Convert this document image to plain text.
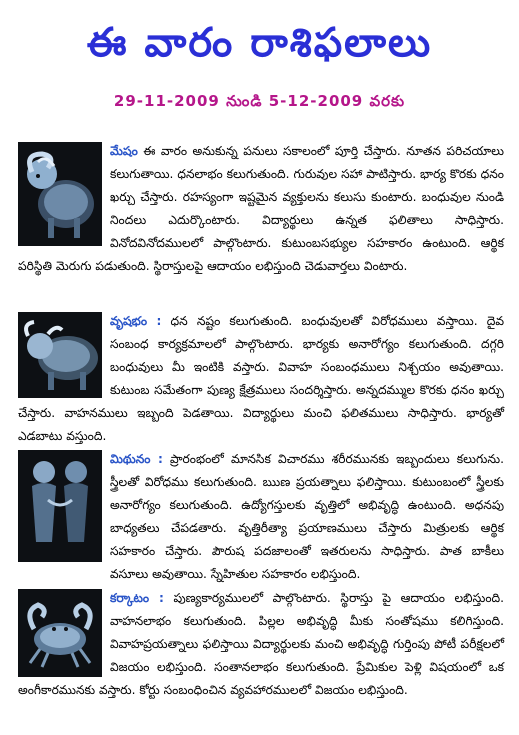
ఈ వారం రాశిఫలాలు
29-11-2009 నుండి 5-12-2009 వరకు
మేషం ఈ వారం అనుకున్న పనులు సకాలంలో పూర్తి చేస్తారు. నూతన పరిచయాలు కలుగుతాయి. ధనలాభం కలుగుతుంది. గురువుల సహా పాటిస్తారు. భార్య కొరకు ధనం ఖర్చు చేస్తారు. రహస్యంగా ఇష్టమైన వ్యక్తులను కలుసు కుంటారు. బంధువుల నుండి నిందలు ఎదుర్కొంటారు. విద్యార్థులు ఉన్నత ఫలితాలు సాధిస్తారు. వినోదవినోదములలో పాల్గొంటారు. కుటుంబసభ్యుల సహకారం ఉంటుంది. ఆర్థిక పరిస్థితి మెరుగు పడుతుంది. స్థిరాస్తులపై ఆదాయం లభిస్తుంది చెడువార్తలు వింటారు.
వృషభం : ధన నష్టం కలుగుతుంది. బంధువులతో విరోధములు వస్తాయి. దైవ సంబంధ కార్యక్రమాలలో పాల్గొంటారు. భార్యకు అనారోగ్యం కలుగుతుంది. దగ్గరి బంధువులు మీ ఇంటికి వస్తారు. వివాహ సంబంధములు నిశ్చయం అవుతాయి. కుటుంబ సమేతంగా పుణ్య క్షేత్రములు సందర్శిస్తారు. అన్నదమ్ముల కొరకు ధనం ఖర్చు చేస్తారు. వాహనములు ఇబ్బంది పెడతాయి. విద్యార్థులు మంచి ఫలితములు సాధిస్తారు. భార్యతో ఎడబాటు వస్తుంది.
మిథునం : ప్రారంభంలో మానసిక విచారము శరీరమునకు ఇబ్బందులు కలుగును. స్త్రీలతో విరోధము కలుగుతుంది. ఋణ ప్రయత్నాలు ఫలిస్తాయి. కుటుంబంలో స్త్రీలకు అనారోగ్యం కలుగుతుంది. ఉద్యోగస్తులకు వృత్తిలో అభివృద్ధి ఉంటుంది. అధనపు బాధ్యతలు చేపడతారు. వృత్తిరీత్యా ప్రయాణములు చేస్తారు మిత్రులకు ఆర్థిక సహకారం చేస్తారు. పౌరుష పదజాలంతో ఇతరులను సాధిస్తారు. పాత బాకీలు వసూలు అవుతాయి. స్నేహితుల సహకారం లభిస్తుంది.
కర్కాటం : పుణ్యకార్యములలో పాల్గొంటారు. స్థిరాస్తు పై ఆదాయం లభిస్తుంది. వాహనలాభం కలుగుతుంది. పిల్లల అభివృద్ధి మీకు సంతోషము కలిగిస్తుంది. వివాహప్రయత్నాలు ఫలిస్తాయి విద్యార్థులకు మంచి అభివృద్ధి గుర్తింపు పోటీ పరీక్షలలో విజయం లభిస్తుంది. సంతానలాభం కలుగుతుంది. ప్రేమికుల పెళ్లి విషయంలో ఒక అంగీకారమునకు వస్తారు. కోర్టు సంబంధించిన వ్యవహారములలో విజయం లభిస్తుంది.
